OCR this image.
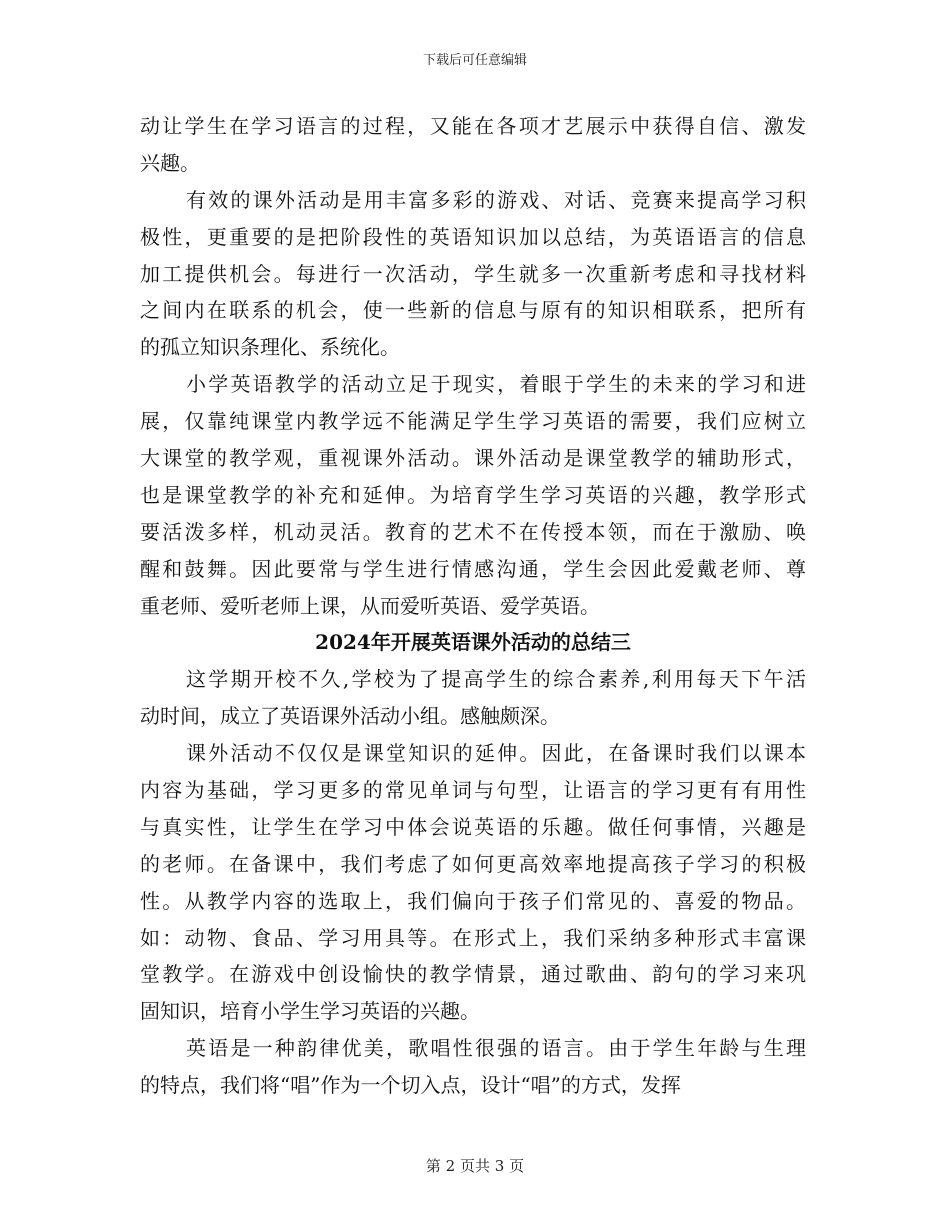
下载后可任意编辑
动让学生在学习语言的过程，又能在各项才艺展示中获得自信、激发
兴趣。
有效的课外活动是用丰富多彩的游戏、对话、竞赛来提高学习积
极性，更重要的是把阶段性的英语知识加以总结，为英语语言的信息
加工提供机会。每进行一次活动，学生就多一次重新考虑和寻找材料
之间内在联系的机会，使一些新的信息与原有的知识相联系，把所有
的孤立知识条理化、系统化。
小学英语教学的活动立足于现实，着眼于学生的未来的学习和进
展，仅靠纯课堂内教学远不能满足学生学习英语的需要，我们应树立
大课堂的教学观，重视课外活动。课外活动是课堂教学的辅助形式，
也是课堂教学的补充和延伸。为培育学生学习英语的兴趣，教学形式
要活泼多样，机动灵活。教育的艺术不在传授本领，而在于激励、唤
醒和鼓舞。因此要常与学生进行情感沟通，学生会因此爱戴老师、尊
重老师、爱听老师上课，从而爱听英语、爱学英语。
2024年开展英语课外活动的总结三
这学期开校不久,学校为了提高学生的综合素养,利用每天下午活
动时间，成立了英语课外活动小组。感触颇深。
课外活动不仅仅是课堂知识的延伸。因此，在备课时我们以课本
内容为基础，学习更多的常见单词与句型，让语言的学习更有有用性
与真实性，让学生在学习中体会说英语的乐趣。做任何事情，兴趣是
的老师。在备课中，我们考虑了如何更高效率地提高孩子学习的积极
性。从教学内容的选取上，我们偏向于孩子们常见的、喜爱的物品。
如：动物、食品、学习用具等。在形式上，我们采纳多种形式丰富课
堂教学。在游戏中创设愉快的教学情景，通过歌曲、韵句的学习来巩
固知识，培育小学生学习英语的兴趣。
英语是一种韵律优美，歌唱性很强的语言。由于学生年龄与生理
的特点，我们将“唱”作为一个切入点，设计“唱”的方式，发挥
第 2 页共 3 页
